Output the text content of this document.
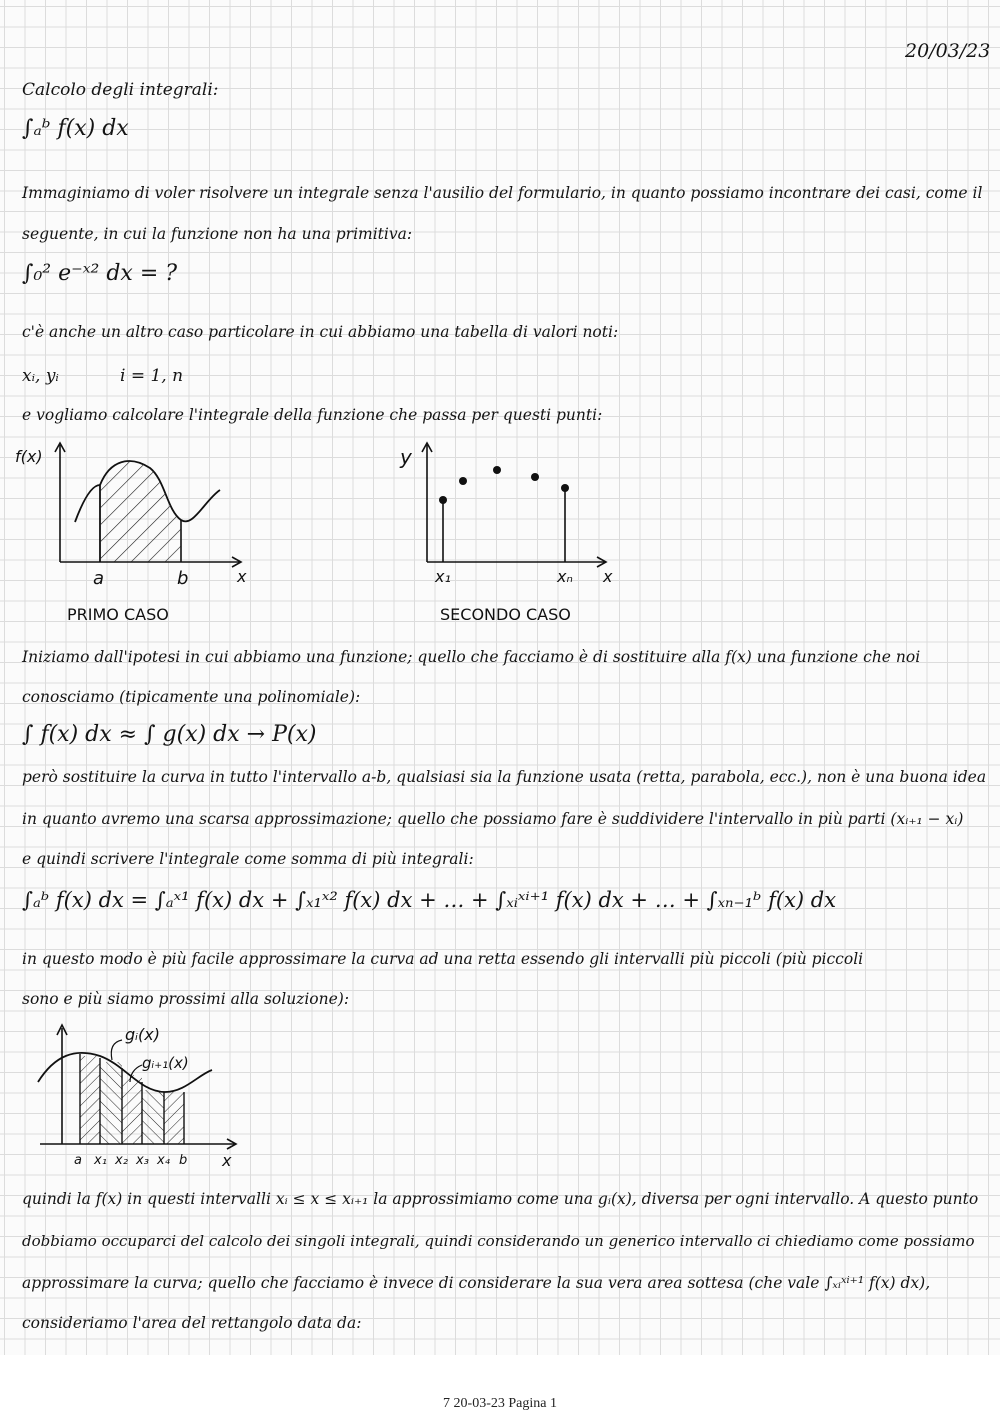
20/03/23
Calcolo degli integrali:
∫ₐᵇ f(x) dx
Immaginiamo di voler risolvere un integrale senza l'ausilio del formulario, in quanto possiamo incontrare dei casi, come il
seguente, in cui la funzione non ha una primitiva:
∫₀² e⁻ˣ² dx = ?
c'è anche un altro caso particolare in cui abbiamo una tabella di valori noti:
xᵢ, yᵢ	i = 1, n
e vogliamo calcolare l'integrale della funzione che passa per questi punti:
f(x)
a	b	x
PRIMO CASO
y
x₁	xₙ x
SECONDO CASO
Iniziamo dall'ipotesi in cui abbiamo una funzione; quello che facciamo è di sostituire alla f(x) una funzione che noi
conosciamo (tipicamente una polinomiale):
∫ f(x) dx ≈ ∫ g(x) dx → P(x)
però sostituire la curva in tutto l'intervallo a-b, qualsiasi sia la funzione usata (retta, parabola, ecc.), non è una buona idea
in quanto avremo una scarsa approssimazione; quello che possiamo fare è suddividere l'intervallo in più parti (xᵢ₊₁ − xᵢ)
e quindi scrivere l'integrale come somma di più integrali:
∫ₐᵇ f(x) dx = ∫ₐˣ¹ f(x) dx + ∫ₓ₁ˣ² f(x) dx + … + ∫ₓᵢˣⁱ⁺¹ f(x) dx + … + ∫ₓₙ₋₁ᵇ f(x) dx
in questo modo è più facile approssimare la curva ad una retta essendo gli intervalli più piccoli (più piccoli
sono e più siamo prossimi alla soluzione):
gᵢ(x)
gᵢ₊₁(x)
a x₁ x₂ x₃ x₄ b x
quindi la f(x) in questi intervalli xᵢ ≤ x ≤ xᵢ₊₁ la approssimiamo come una gᵢ(x), diversa per ogni intervallo. A questo punto
dobbiamo occuparci del calcolo dei singoli integrali, quindi considerando un generico intervallo ci chiediamo come possiamo
approssimare la curva; quello che facciamo è invece di considerare la sua vera area sottesa (che vale ∫ₓᵢˣⁱ⁺¹ f(x) dx),
consideriamo l'area del rettangolo data da:
7 20-03-23 Pagina 1
